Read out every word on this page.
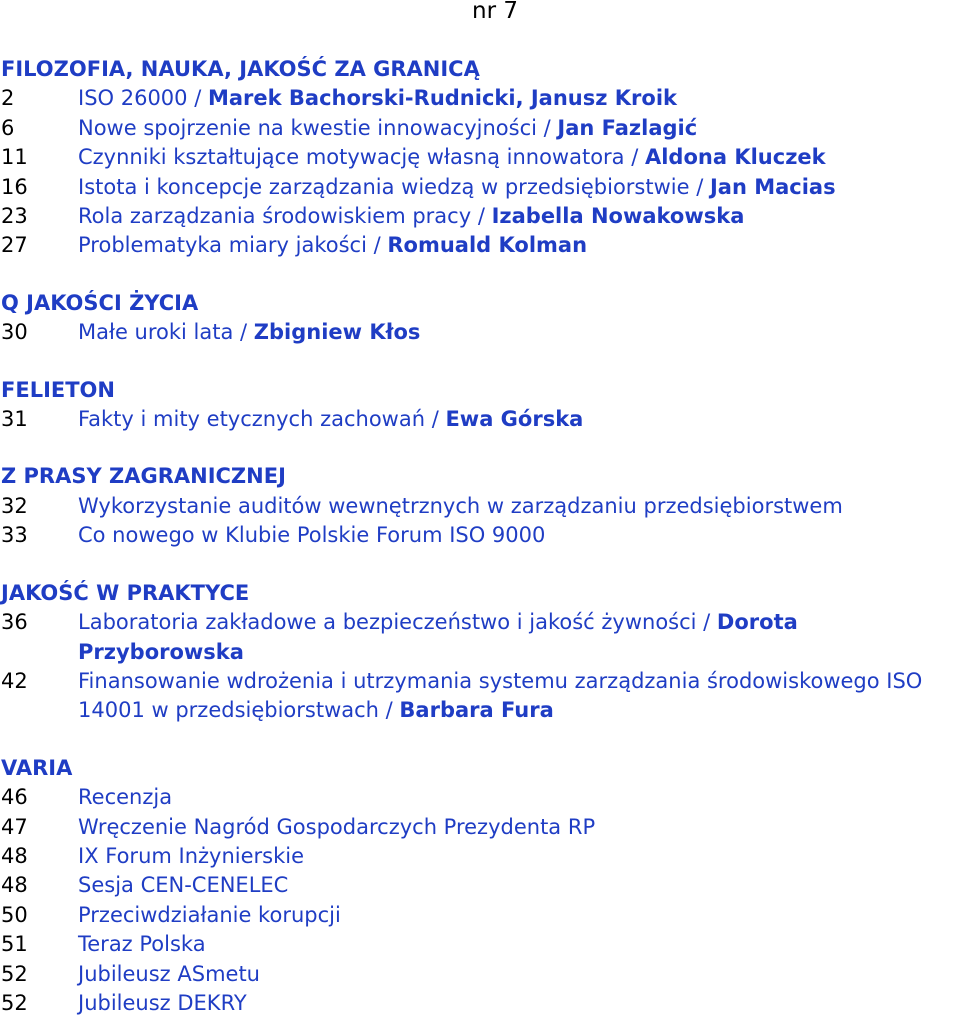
nr 7
FILOZOFIA, NAUKA, JAKOŚĆ ZA GRANICĄ
2	ISO 26000 / Marek Bachorski-Rudnicki, Janusz Kroik
6	Nowe spojrzenie na kwestie innowacyjności / Jan Fazlagić
11	Czynniki kształtujące motywację własną innowatora / Aldona Kluczek
16	Istota i koncepcje zarządzania wiedzą w przedsiębiorstwie / Jan Macias
23	Rola zarządzania środowiskiem pracy / Izabella Nowakowska
27	Problematyka miary jakości / Romuald Kolman
Q JAKOŚCI ŻYCIA
30	Małe uroki lata / Zbigniew Kłos
FELIETON
31	Fakty i mity etycznych zachowań / Ewa Górska
Z PRASY ZAGRANICZNEJ
32	Wykorzystanie auditów wewnętrznych w zarządzaniu przedsiębiorstwem
33	Co nowego w Klubie Polskie Forum ISO 9000
JAKOŚĆ W PRAKTYCE
36	Laboratoria zakładowe a bezpieczeństwo i jakość żywności / Dorota Przyborowska
42	Finansowanie wdrożenia i utrzymania systemu zarządzania środowiskowego ISO 14001 w przedsiębiorstwach / Barbara Fura
VARIA
46	Recenzja
47	Wręczenie Nagród Gospodarczych Prezydenta RP
48	IX Forum Inżynierskie
48	Sesja CEN-CENELEC
50	Przeciwdziałanie korupcji
51	Teraz Polska
52	Jubileusz ASmetu
52	Jubileusz DEKRY
